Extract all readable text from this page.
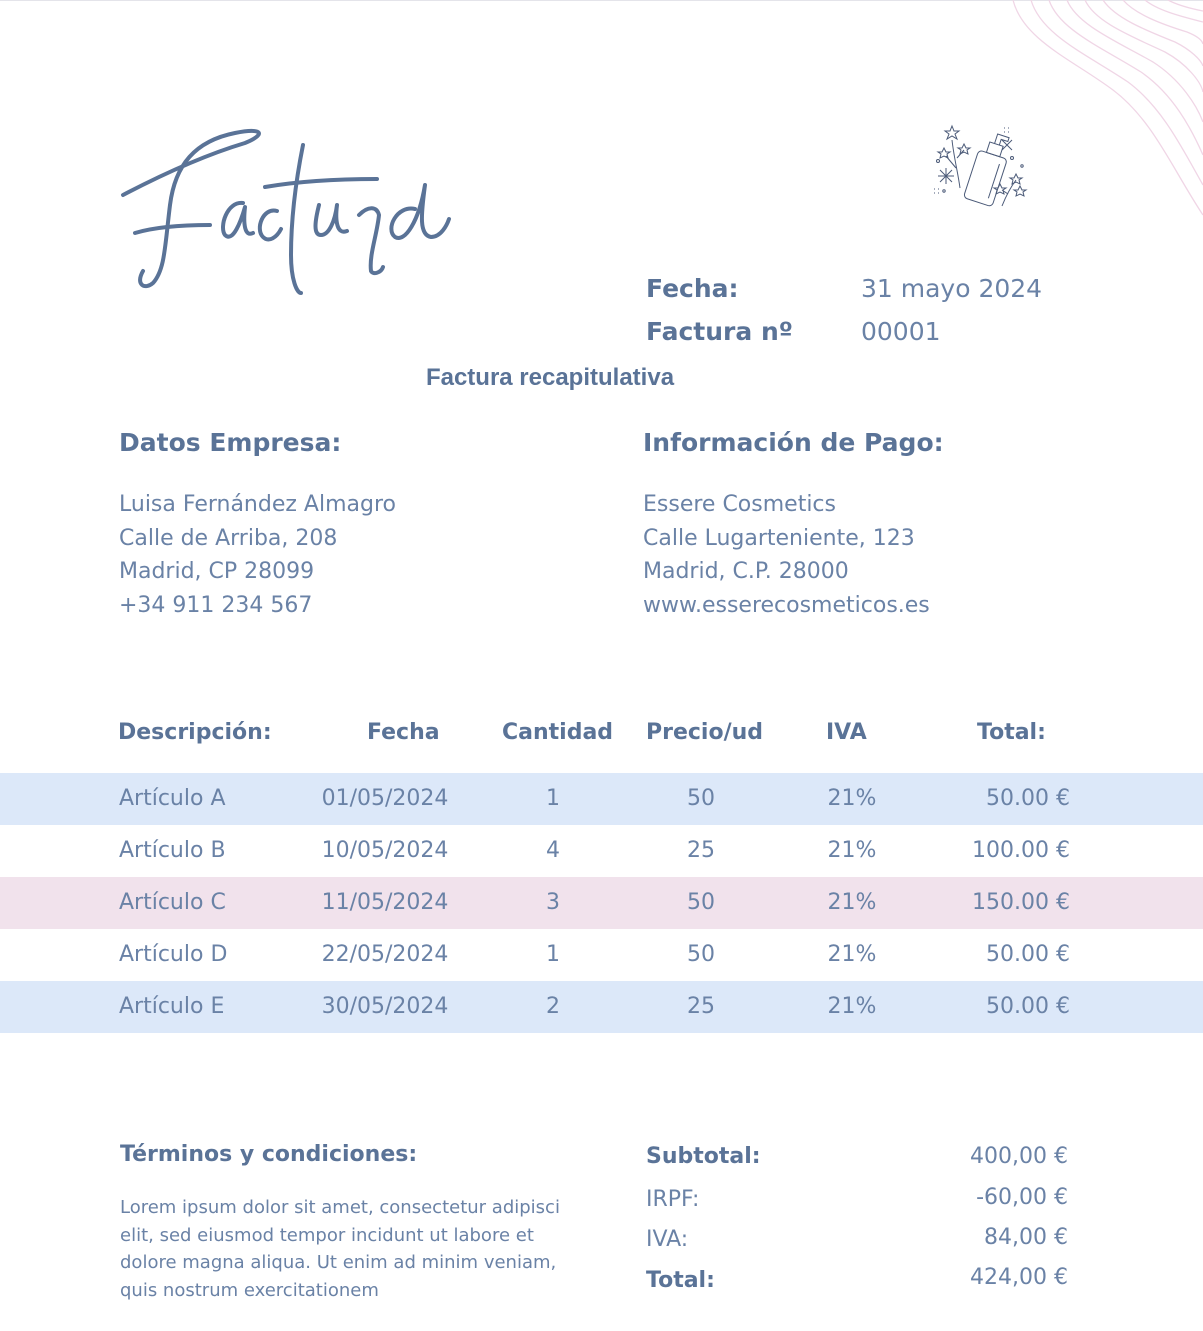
Fecha:	31 mayo 2024
Factura nº	00001
Factura recapitulativa
Datos Empresa:
Luisa Fernández Almagro
Calle de Arriba, 208
Madrid, CP 28099
+34 911 234 567
Información de Pago:
Essere Cosmetics
Calle Lugarteniente, 123
Madrid, C.P. 28000
www.esserecosmeticos.es
Descripción:	Fecha	Cantidad Precio/ud	IVA	Total:
Artículo A	01/05/2024	1	50	21%	50.00 €
Artículo B	10/05/2024	4	25	21%	100.00 €
Artículo C	11/05/2024	3	50	21%	150.00 €
Artículo D	22/05/2024	1	50	21%	50.00 €
Artículo E	30/05/2024	2	25	21%	50.00 €
Términos y condiciones:
Lorem ipsum dolor sit amet, consectetur adipisci elit, sed eiusmod tempor incidunt ut labore et dolore magna aliqua. Ut enim ad minim veniam, quis nostrum exercitationem
Subtotal:	400,00 €
IRPF:	-60,00 €
IVA:	84,00 €
Total:	424,00 €
